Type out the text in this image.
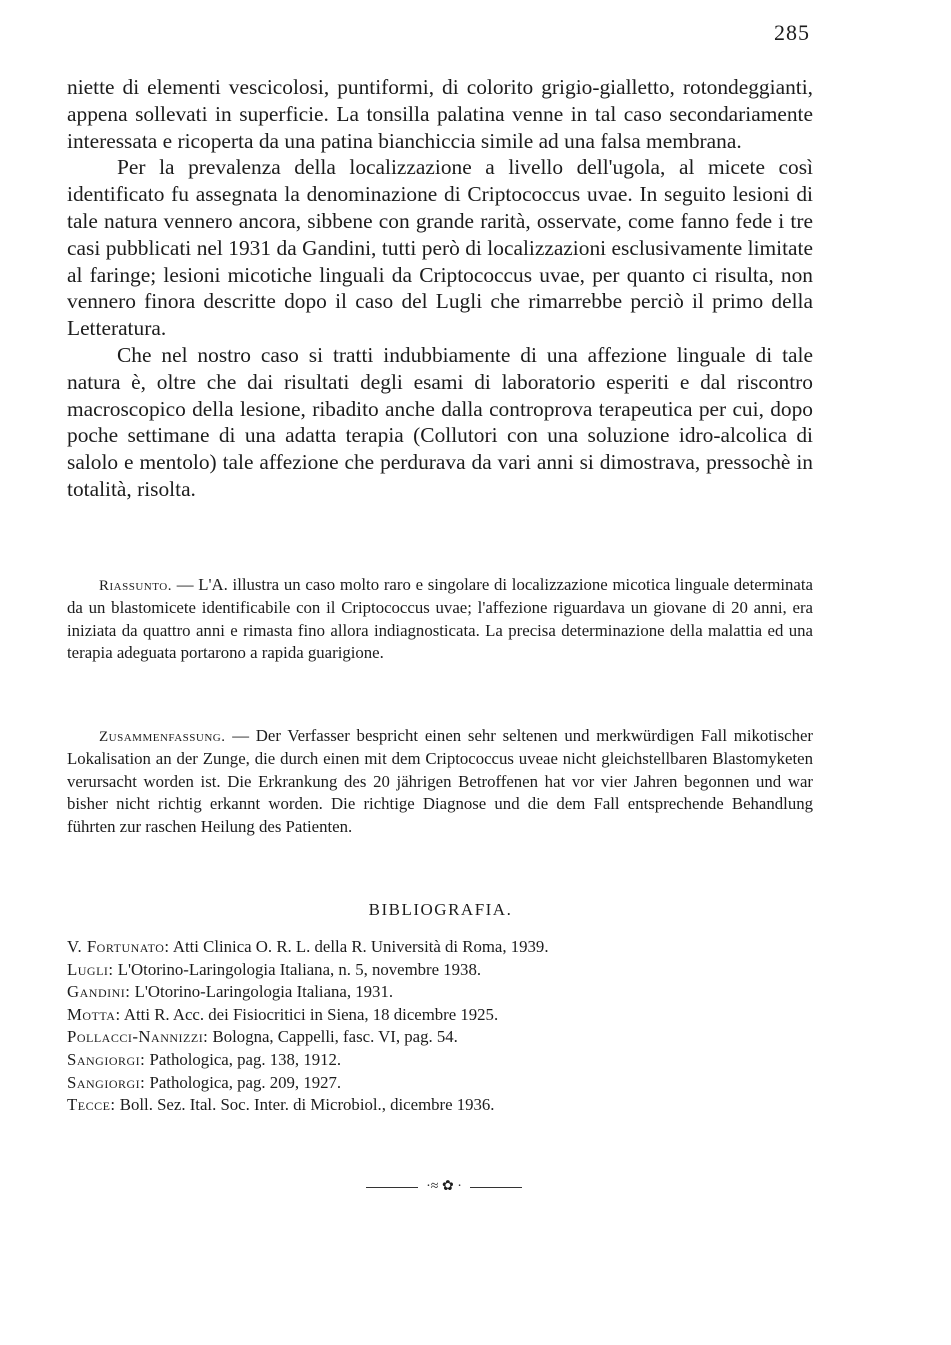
285

niette di elementi vescicolosi, puntiformi, di colorito grigio-gialletto, rotondeggianti, appena sollevati in superficie. La tonsilla palatina venne in tal caso secondariamente interessata e ricoperta da una patina bianchiccia simile ad una falsa membrana.

Per la prevalenza della localizzazione a livello dell'ugola, al micete così identificato fu assegnata la denominazione di Criptococcus uvae. In seguito lesioni di tale natura vennero ancora, sibbene con grande rarità, osservate, come fanno fede i tre casi pubblicati nel 1931 da Gandini, tutti però di localizzazioni esclusivamente limitate al faringe; lesioni micotiche linguali da Criptococcus uvae, per quanto ci risulta, non vennero finora descritte dopo il caso del Lugli che rimarrebbe perciò il primo della Letteratura.

Che nel nostro caso si tratti indubbiamente di una affezione linguale di tale natura è, oltre che dai risultati degli esami di laboratorio esperiti e dal riscontro macroscopico della lesione, ribadito anche dalla controprova terapeutica per cui, dopo poche settimane di una adatta terapia (Collutori con una soluzione idro-alcolica di salolo e mentolo) tale affezione che perdurava da vari anni si dimostrava, pressochè in totalità, risolta.

Riassunto. — L'A. illustra un caso molto raro e singolare di localizzazione micotica linguale determinata da un blastomicete identificabile con il Criptococcus uvae; l'affezione riguardava un giovane di 20 anni, era iniziata da quattro anni e rimasta fino allora indiagnosticata. La precisa determinazione della malattia ed una terapia adeguata portarono a rapida guarigione.

Zusammenfassung. — Der Verfasser bespricht einen sehr seltenen und merkwürdigen Fall mikotischer Lokalisation an der Zunge, die durch einen mit dem Criptococcus uveae nicht gleichstellbaren Blastomyketen verursacht worden ist. Die Erkrankung des 20 jährigen Betroffenen hat vor vier Jahren begonnen und war bisher nicht richtig erkannt worden. Die richtige Diagnose und die dem Fall entsprechende Behandlung führten zur raschen Heilung des Patienten.

BIBLIOGRAFIA.
V. Fortunato: Atti Clinica O. R. L. della R. Università di Roma, 1939.
Lugli: L'Otorino-Laringologia Italiana, n. 5, novembre 1938.
Gandini: L'Otorino-Laringologia Italiana, 1931.
Motta: Atti R. Acc. dei Fisiocritici in Siena, 18 dicembre 1925.
Pollacci-Nannizzi: Bologna, Cappelli, fasc. VI, pag. 54.
Sangiorgi: Pathologica, pag. 138, 1912.
Sangiorgi: Pathologica, pag. 209, 1927.
Tecce: Boll. Sez. Ital. Soc. Inter. di Microbiol., dicembre 1936.
·≈ ✿ ·
